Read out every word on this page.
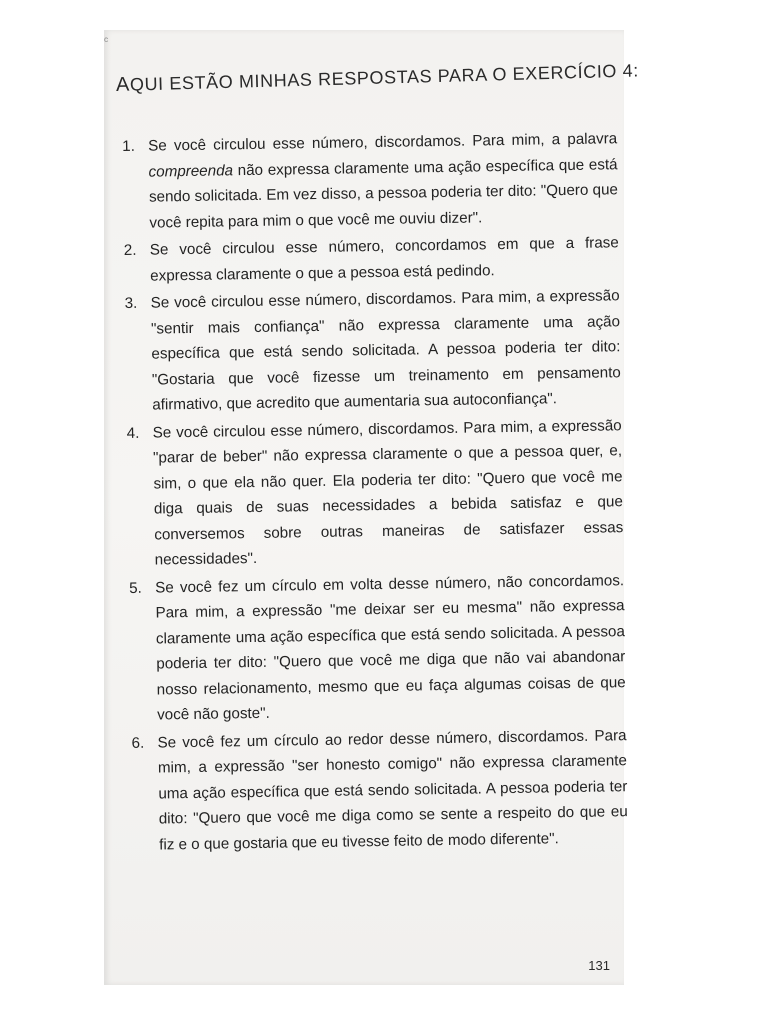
ᶜ
AQUI ESTÃO MINHAS RESPOSTAS PARA O EXERCÍCIO 4:
1. Se você circulou esse número, discordamos. Para mim, a palavra compreenda não expressa claramente uma ação específica que está sendo solicitada. Em vez disso, a pessoa poderia ter dito: "Quero que você repita para mim o que você me ouviu dizer".
2. Se você circulou esse número, concordamos em que a frase expressa claramente o que a pessoa está pedindo.
3. Se você circulou esse número, discordamos. Para mim, a expressão "sentir mais confiança" não expressa claramente uma ação específica que está sendo solicitada. A pessoa poderia ter dito: "Gostaria que você fizesse um treinamento em pensamento afirmativo, que acredito que aumentaria sua autoconfiança".
4. Se você circulou esse número, discordamos. Para mim, a expressão "parar de beber" não expressa claramente o que a pessoa quer, e, sim, o que ela não quer. Ela poderia ter dito: "Quero que você me diga quais de suas necessidades a bebida satisfaz e que conversemos sobre outras maneiras de satisfazer essas necessidades".
5. Se você fez um círculo em volta desse número, não concordamos. Para mim, a expressão "me deixar ser eu mesma" não expressa claramente uma ação específica que está sendo solicitada. A pessoa poderia ter dito: "Quero que você me diga que não vai abandonar nosso relacionamento, mesmo que eu faça algumas coisas de que você não goste".
6. Se você fez um círculo ao redor desse número, discordamos. Para mim, a expressão "ser honesto comigo" não expressa claramente uma ação específica que está sendo solicitada. A pessoa poderia ter dito: "Quero que você me diga como se sente a respeito do que eu fiz e o que gostaria que eu tivesse feito de modo diferente".
131
